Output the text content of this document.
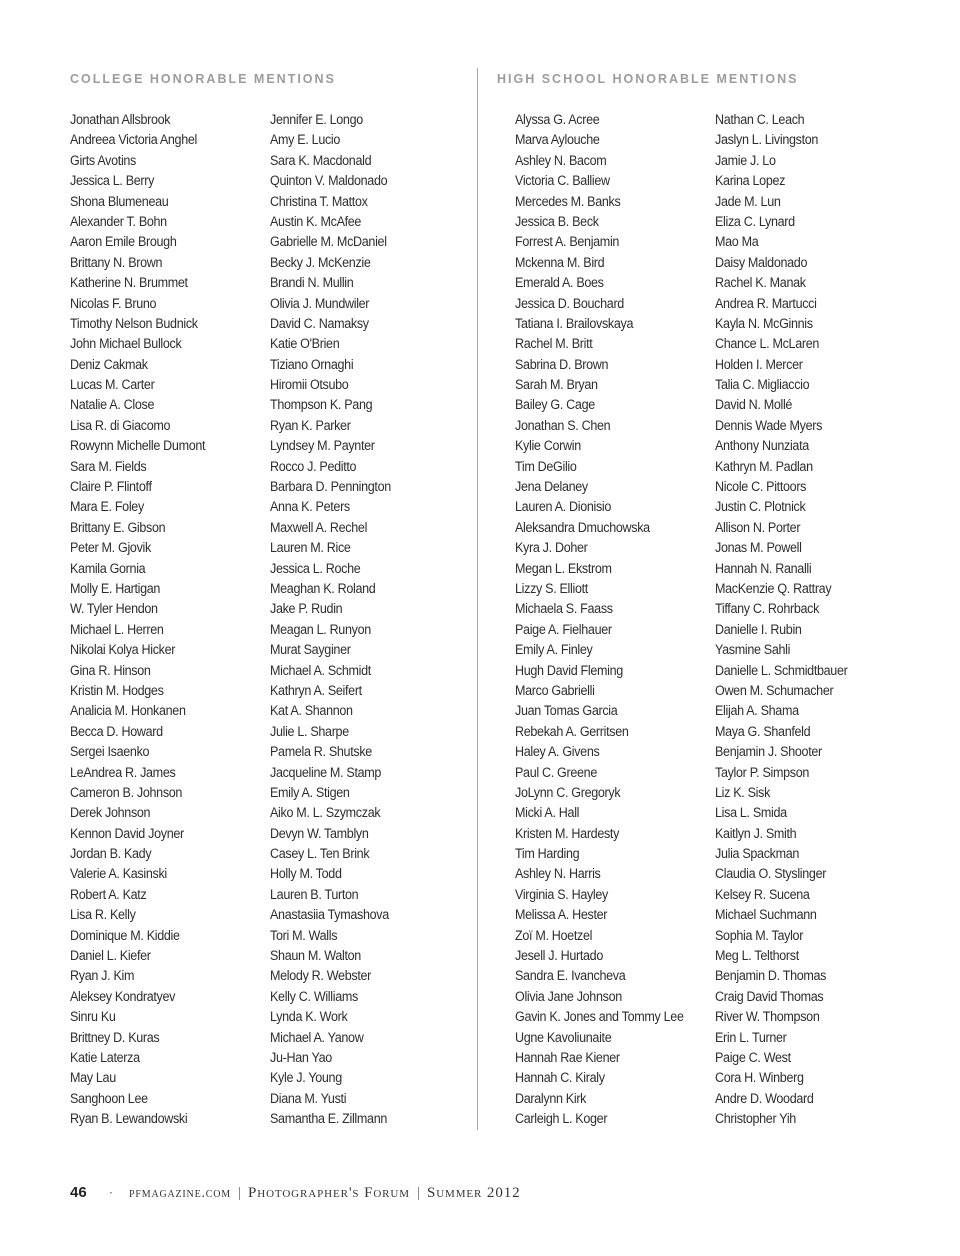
COLLEGE HONORABLE MENTIONS
Jonathan Allsbrook
Andreea Victoria Anghel
Girts Avotins
Jessica L. Berry
Shona Blumeneau
Alexander T. Bohn
Aaron Emile Brough
Brittany N. Brown
Katherine N. Brummet
Nicolas F. Bruno
Timothy Nelson Budnick
John Michael Bullock
Deniz Cakmak
Lucas M. Carter
Natalie A. Close
Lisa R. di Giacomo
Rowynn Michelle Dumont
Sara M. Fields
Claire P. Flintoff
Mara E. Foley
Brittany E. Gibson
Peter M. Gjovik
Kamila Gornia
Molly E. Hartigan
W. Tyler Hendon
Michael L. Herren
Nikolai Kolya Hicker
Gina R. Hinson
Kristin M. Hodges
Analicia M. Honkanen
Becca D. Howard
Sergei Isaenko
LeAndrea R. James
Cameron B. Johnson
Derek Johnson
Kennon David Joyner
Jordan B. Kady
Valerie A. Kasinski
Robert A. Katz
Lisa R. Kelly
Dominique M. Kiddie
Daniel L. Kiefer
Ryan J. Kim
Aleksey Kondratyev
Sinru Ku
Brittney D. Kuras
Katie Laterza
May Lau
Sanghoon Lee
Ryan B. Lewandowski
Jennifer E. Longo
Amy E. Lucio
Sara K. Macdonald
Quinton V. Maldonado
Christina T. Mattox
Austin K. McAfee
Gabrielle M. McDaniel
Becky J. McKenzie
Brandi N. Mullin
Olivia J. Mundwiler
David C. Namaksy
Katie O'Brien
Tiziano Ornaghi
Hiromii Otsubo
Thompson K. Pang
Ryan K. Parker
Lyndsey M. Paynter
Rocco J. Peditto
Barbara D. Pennington
Anna K. Peters
Maxwell A. Rechel
Lauren M. Rice
Jessica L. Roche
Meaghan K. Roland
Jake P. Rudin
Meagan L. Runyon
Murat Sayginer
Michael A. Schmidt
Kathryn A. Seifert
Kat A. Shannon
Julie L. Sharpe
Pamela R. Shutske
Jacqueline M. Stamp
Emily A. Stigen
Aiko M. L. Szymczak
Devyn W. Tamblyn
Casey L. Ten Brink
Holly M. Todd
Lauren B. Turton
Anastasiia Tymashova
Tori M. Walls
Shaun M. Walton
Melody R. Webster
Kelly C. Williams
Lynda K. Work
Michael A. Yanow
Ju-Han Yao
Kyle J. Young
Diana M. Yusti
Samantha E. Zillmann
HIGH SCHOOL HONORABLE MENTIONS
Alyssa G. Acree
Marva Aylouche
Ashley N. Bacom
Victoria C. Balliew
Mercedes M. Banks
Jessica B. Beck
Forrest A. Benjamin
Mckenna M. Bird
Emerald A. Boes
Jessica D. Bouchard
Tatiana I. Brailovskaya
Rachel M. Britt
Sabrina D. Brown
Sarah M. Bryan
Bailey G. Cage
Jonathan S. Chen
Kylie Corwin
Tim DeGilio
Jena Delaney
Lauren A. Dionisio
Aleksandra Dmuchowska
Kyra J. Doher
Megan L. Ekstrom
Lizzy S. Elliott
Michaela S. Faass
Paige A. Fielhauer
Emily A. Finley
Hugh David Fleming
Marco Gabrielli
Juan Tomas Garcia
Rebekah A. Gerritsen
Haley A. Givens
Paul C. Greene
JoLynn C. Gregoryk
Micki A. Hall
Kristen M. Hardesty
Tim Harding
Ashley N. Harris
Virginia S. Hayley
Melissa A. Hester
Zoï M. Hoetzel
Jesell J. Hurtado
Sandra E. Ivancheva
Olivia Jane Johnson
Gavin K. Jones and Tommy Lee
Ugne Kavoliunaite
Hannah Rae Kiener
Hannah C. Kiraly
Daralynn Kirk
Carleigh L. Koger
Nathan C. Leach
Jaslyn L. Livingston
Jamie J. Lo
Karina Lopez
Jade M. Lun
Eliza C. Lynard
Mao Ma
Daisy Maldonado
Rachel K. Manak
Andrea R. Martucci
Kayla N. McGinnis
Chance L. McLaren
Holden I. Mercer
Talia C. Migliaccio
David N. Mollé
Dennis Wade Myers
Anthony Nunziata
Kathryn M. Padlan
Nicole C. Pittoors
Justin C. Plotnick
Allison N. Porter
Jonas M. Powell
Hannah N. Ranalli
MacKenzie Q. Rattray
Tiffany C. Rohrback
Danielle I. Rubin
Yasmine Sahli
Danielle L. Schmidtbauer
Owen M. Schumacher
Elijah A. Shama
Maya G. Shanfeld
Benjamin J. Shooter
Taylor P. Simpson
Liz K. Sisk
Lisa L. Smida
Kaitlyn J. Smith
Julia Spackman
Claudia O. Styslinger
Kelsey R. Sucena
Michael Suchmann
Sophia M. Taylor
Meg L. Telthorst
Benjamin D. Thomas
Craig David Thomas
River W. Thompson
Erin L. Turner
Paige C. West
Cora H. Winberg
Andre D. Woodard
Christopher Yih
46 · pfmagazine.com | Photographer's Forum | Summer 2012
